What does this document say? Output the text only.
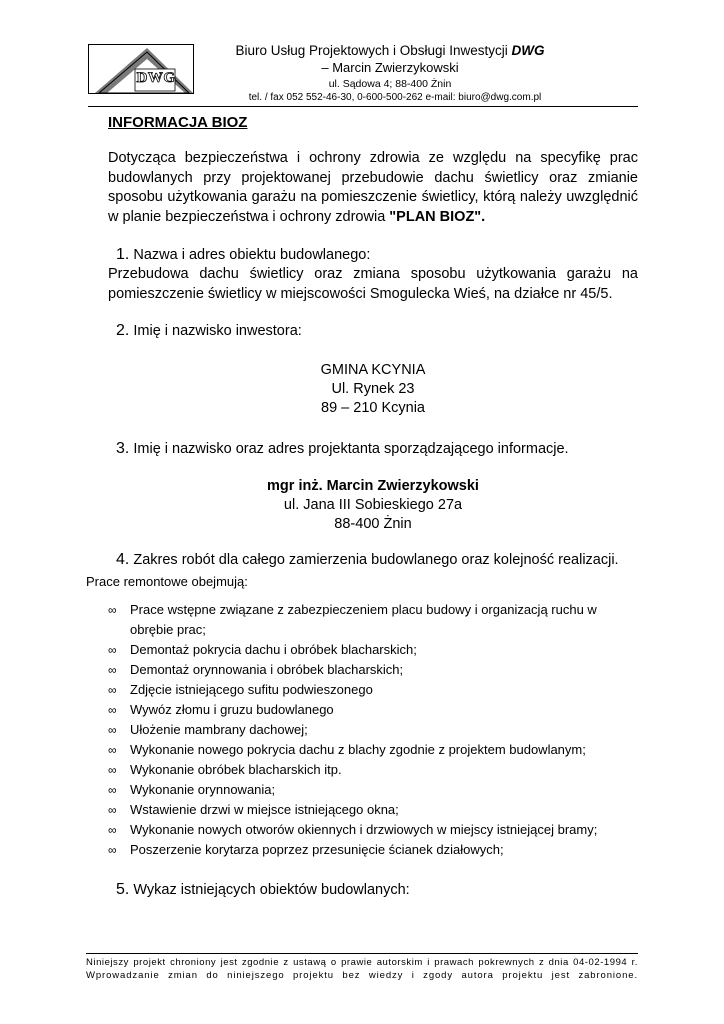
DWG
Biuro Usług Projektowych i Obsługi Inwestycji DWG
– Marcin Zwierzykowski
ul. Sądowa 4; 88-400 Żnin
tel. / fax 052 552-46-30, 0-600-500-262 e-mail: biuro@dwg.com.pl
INFORMACJA BIOZ
Dotycząca bezpieczeństwa i ochrony zdrowia ze względu na specyfikę prac budowlanych przy projektowanej przebudowie dachu świetlicy oraz zmianie sposobu użytkowania garażu na pomieszczenie świetlicy, którą należy uwzględnić w planie bezpieczeństwa i ochrony zdrowia "PLAN BIOZ".
1. Nazwa i adres obiektu budowlanego:
Przebudowa dachu świetlicy oraz zmiana sposobu użytkowania garażu na pomieszczenie świetlicy w miejscowości Smogulecka Wieś, na działce nr 45/5.
2. Imię i nazwisko inwestora:
GMINA KCYNIA
Ul. Rynek 23
89 – 210 Kcynia
3. Imię i nazwisko oraz adres projektanta sporządzającego informacje.
mgr inż. Marcin Zwierzykowski
ul. Jana III Sobieskiego 27a
88-400 Żnin
4. Zakres robót dla całego zamierzenia budowlanego oraz kolejność realizacji.
Prace remontowe obejmują:
∞ Prace wstępne związane z zabezpieczeniem placu budowy i organizacją ruchu w obrębie prac;
∞ Demontaż pokrycia dachu i obróbek blacharskich;
∞ Demontaż orynnowania i obróbek blacharskich;
∞ Zdjęcie istniejącego sufitu podwieszonego
∞ Wywóz złomu i gruzu budowlanego
∞ Ułożenie mambrany dachowej;
∞ Wykonanie nowego pokrycia dachu z blachy zgodnie z projektem budowlanym;
∞ Wykonanie obróbek blacharskich itp.
∞ Wykonanie orynnowania;
∞ Wstawienie drzwi w miejsce istniejącego okna;
∞ Wykonanie nowych otworów okiennych i drzwiowych w miejscy istniejącej bramy;
∞ Poszerzenie korytarza poprzez przesunięcie ścianek działowych;
5. Wykaz istniejących obiektów budowlanych:
Niniejszy projekt chroniony jest zgodnie z ustawą o prawie autorskim i prawach pokrewnych z dnia 04-02-1994 r.
Wprowadzanie zmian do niniejszego projektu bez wiedzy i zgody autora projektu jest zabronione.
